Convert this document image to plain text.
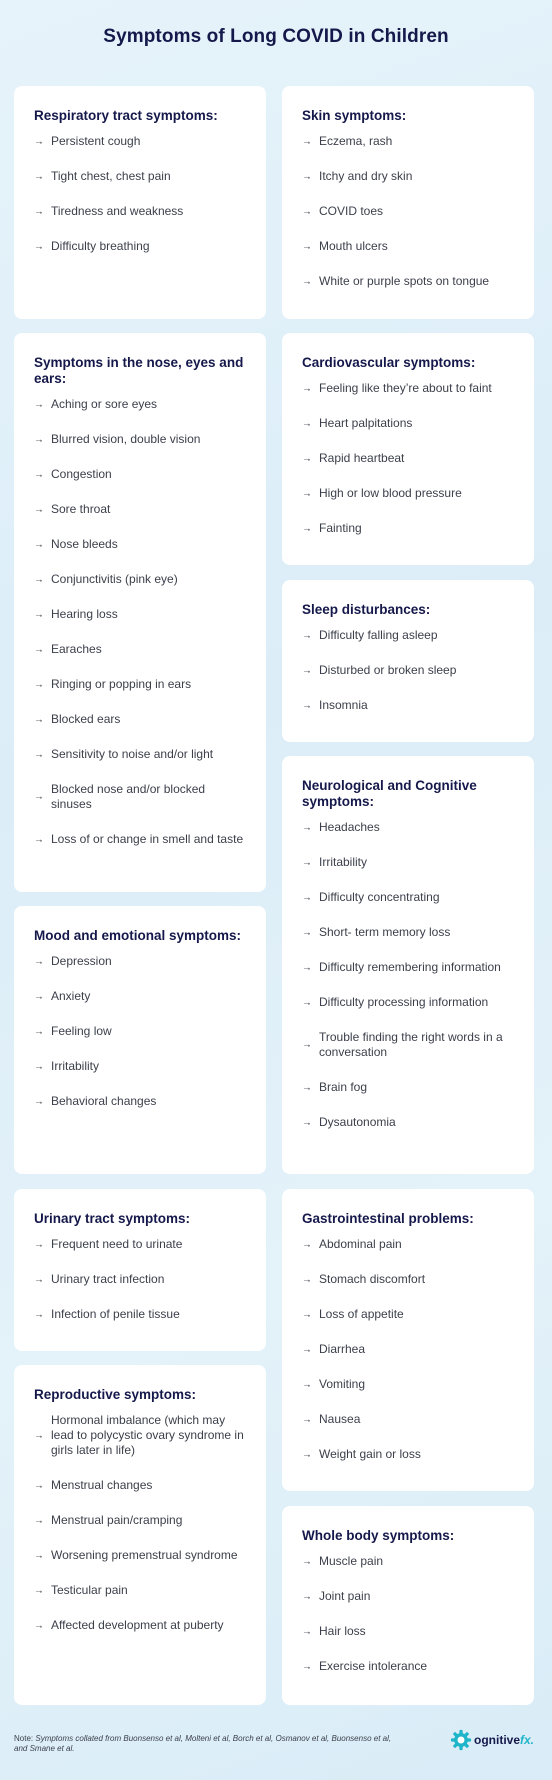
Symptoms of Long COVID in Children
Respiratory tract symptoms:
→ Persistent cough
→ Tight chest, chest pain
→ Tiredness and weakness
→ Difficulty breathing
Symptoms in the nose, eyes and ears:
→ Aching or sore eyes
→ Blurred vision, double vision
→ Congestion
→ Sore throat
→ Nose bleeds
→ Conjunctivitis (pink eye)
→ Hearing loss
→ Earaches
→ Ringing or popping in ears
→ Blocked ears
→ Sensitivity to noise and/or light
→
Blocked nose and/or blocked sinuses
→ Loss of or change in smell and taste
Mood and emotional symptoms:
→ Depression
→ Anxiety
→ Feeling low
→ Irritability
→ Behavioral changes
Urinary tract symptoms:
→ Frequent need to urinate
→ Urinary tract infection
→ Infection of penile tissue
Reproductive symptoms:
→
Hormonal imbalance (which may lead to polycystic ovary syndrome in girls later in life)
→ Menstrual changes
→ Menstrual pain/cramping
→ Worsening premenstrual syndrome
→ Testicular pain
→ Affected development at puberty
Skin symptoms:
→ Eczema, rash
→ Itchy and dry skin
→ COVID toes
→ Mouth ulcers
→ White or purple spots on tongue
Cardiovascular symptoms:
→ Feeling like they’re about to faint
→ Heart palpitations
→ Rapid heartbeat
→ High or low blood pressure
→ Fainting
Sleep disturbances:
→ Difficulty falling asleep
→ Disturbed or broken sleep
→ Insomnia
Neurological and Cognitive symptoms:
→ Headaches
→ Irritability
→ Difficulty concentrating
→ Short- term memory loss
→ Difficulty remembering information
→ Difficulty processing information
→
Trouble finding the right words in a conversation
→ Brain fog
→ Dysautonomia
Gastrointestinal problems:
→ Abdominal pain
→ Stomach discomfort
→ Loss of appetite
→ Diarrhea
→ Vomiting
→ Nausea
→ Weight gain or loss
Whole body symptoms:
→ Muscle pain
→ Joint pain
→ Hair loss
→ Exercise intolerance
Note: Symptoms collated from Buonsenso et al, Molteni et al, Borch et al, Osmanov et al, Buonsenso et al, and Smane et al.
ognitivefx.
